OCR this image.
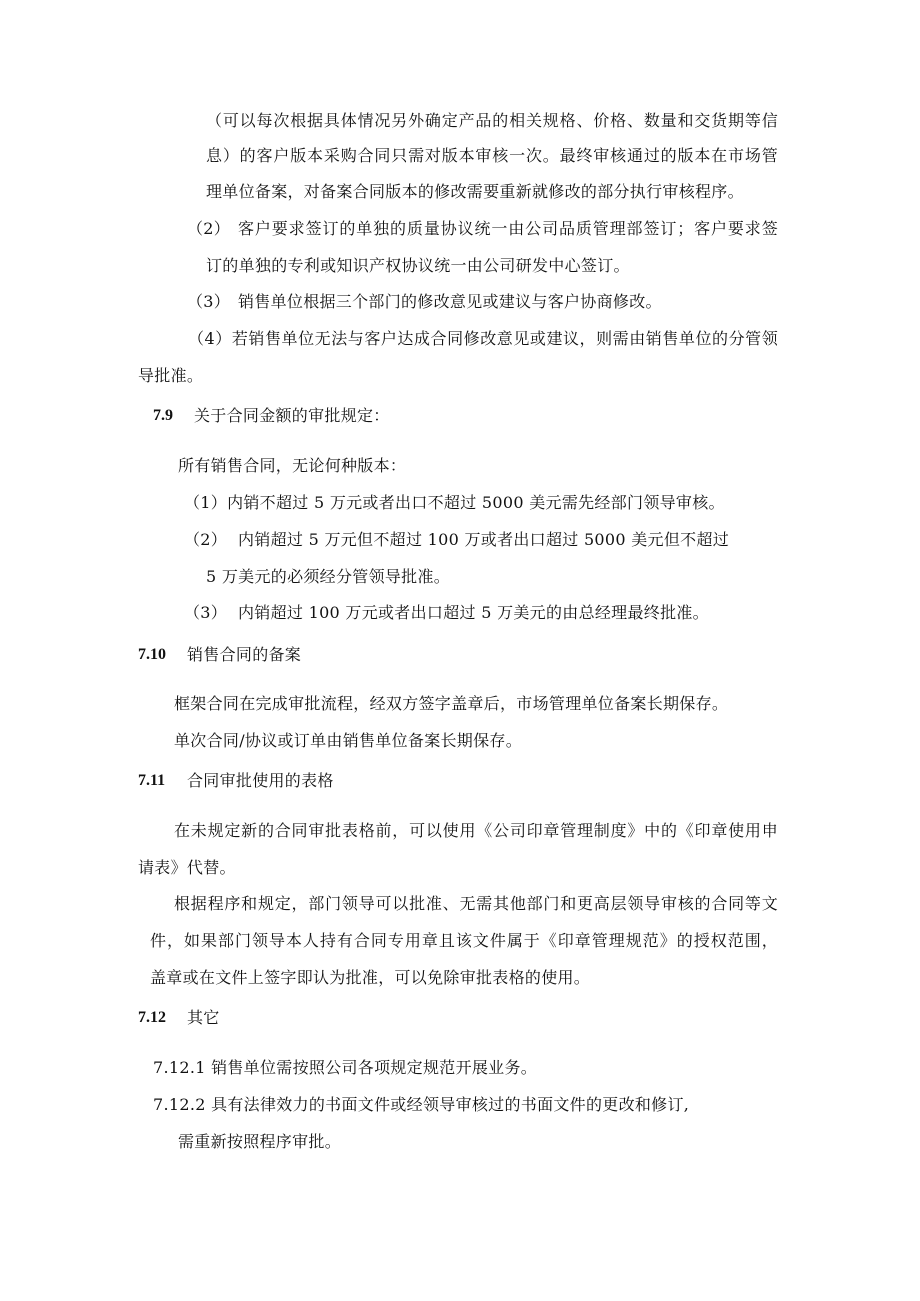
（可以每次根据具体情况另外确定产品的相关规格、价格、数量和交货期等信
息）的客户版本采购合同只需对版本审核一次。最终审核通过的版本在市场管
理单位备案，对备案合同版本的修改需要重新就修改的部分执行审核程序。
（2） 客户要求签订的单独的质量协议统一由公司品质管理部签订；客户要求签
订的单独的专利或知识产权协议统一由公司研发中心签订。
（3） 销售单位根据三个部门的修改意见或建议与客户协商修改。
（4）若销售单位无法与客户达成合同修改意见或建议，则需由销售单位的分管领
导批准。
7.9 关于合同金额的审批规定：
所有销售合同，无论何种版本：
（1）内销不超过 5 万元或者出口不超过 5000 美元需先经部门领导审核。
（2） 内销超过 5 万元但不超过 100 万或者出口超过 5000 美元但不超过
5 万美元的必须经分管领导批准。
（3） 内销超过 100 万元或者出口超过 5 万美元的由总经理最终批准。
7.10 销售合同的备案
框架合同在完成审批流程，经双方签字盖章后，市场管理单位备案长期保存。
单次合同/协议或订单由销售单位备案长期保存。
7.11 合同审批使用的表格
在未规定新的合同审批表格前，可以使用《公司印章管理制度》中的《印章使用申
请表》代替。
根据程序和规定，部门领导可以批准、无需其他部门和更高层领导审核的合同等文
件，如果部门领导本人持有合同专用章且该文件属于《印章管理规范》的授权范围，
盖章或在文件上签字即认为批准，可以免除审批表格的使用。
7.12 其它
7.12.1 销售单位需按照公司各项规定规范开展业务。
7.12.2 具有法律效力的书面文件或经领导审核过的书面文件的更改和修订,
需重新按照程序审批。
